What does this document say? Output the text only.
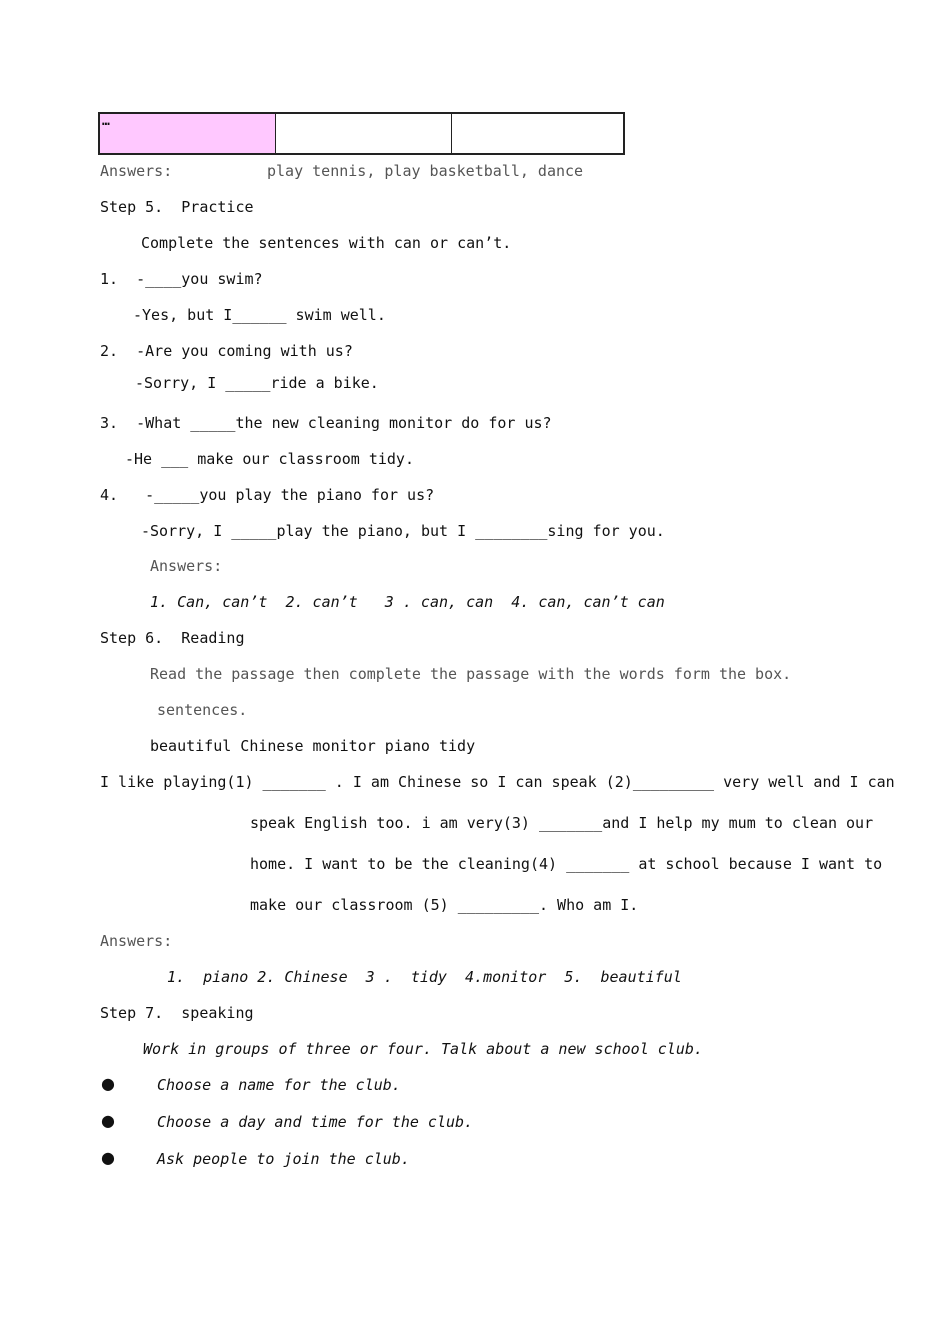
…
Answers:	play tennis, play basketball, dance
Step 5.  Practice
Complete the sentences with can or can’t.
1.  -____you swim?
-Yes, but I______ swim well.
2.  -Are you coming with us?
-Sorry, I _____ride a bike.
3.  -What _____the new cleaning monitor do for us?
-He ___ make our classroom tidy.
4.   -_____you play the piano for us?
-Sorry, I _____play the piano, but I ________sing for you.
Answers:
1. Can, can’t  2. can’t   3 . can, can  4. can, can’t can
Step 6.  Reading
Read the passage then complete the passage with the words form the box.
sentences.
beautiful Chinese monitor piano tidy
I like playing(1) _______ . I am Chinese so I can speak (2)_________ very well and I can
speak English too. i am very(3) _______and I help my mum to clean our
home. I want to be the cleaning(4) _______ at school because I want to
make our classroom (5) _________. Who am I.
Answers:
1.  piano 2. Chinese  3 .  tidy  4.monitor  5.  beautiful
Step 7.  speaking
Work in groups of three or four. Talk about a new school club.
●	Choose a name for the club.
●	Choose a day and time for the club.
●	Ask people to join the club.
